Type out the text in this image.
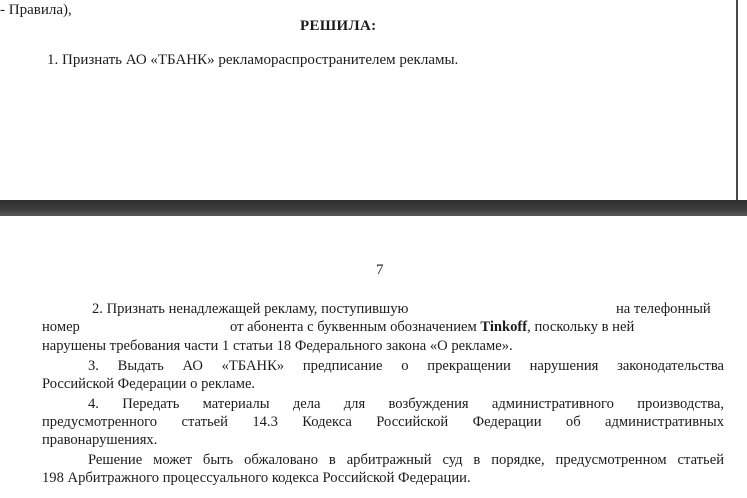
- Правила),
РЕШИЛА:
1. Признать АО «ТБАНК» рекламораспространителем рекламы.
7
2. Признать ненадлежащей рекламу, поступившую	на телефонный
номер	от абонента с буквенным обозначением Tinkoff, поскольку в ней
нарушены требования части 1 статьи 18 Федерального закона «О рекламе».
3. Выдать АО «ТБАНК» предписание о прекращении нарушения законодательства
Российской Федерации о рекламе.
4. Передать материалы дела для возбуждения административного производства,
предусмотренного статьей 14.3 Кодекса Российской Федерации об административных
правонарушениях.
Решение может быть обжаловано в арбитражный суд в порядке, предусмотренном статьей
198 Арбитражного процессуального кодекса Российской Федерации.
